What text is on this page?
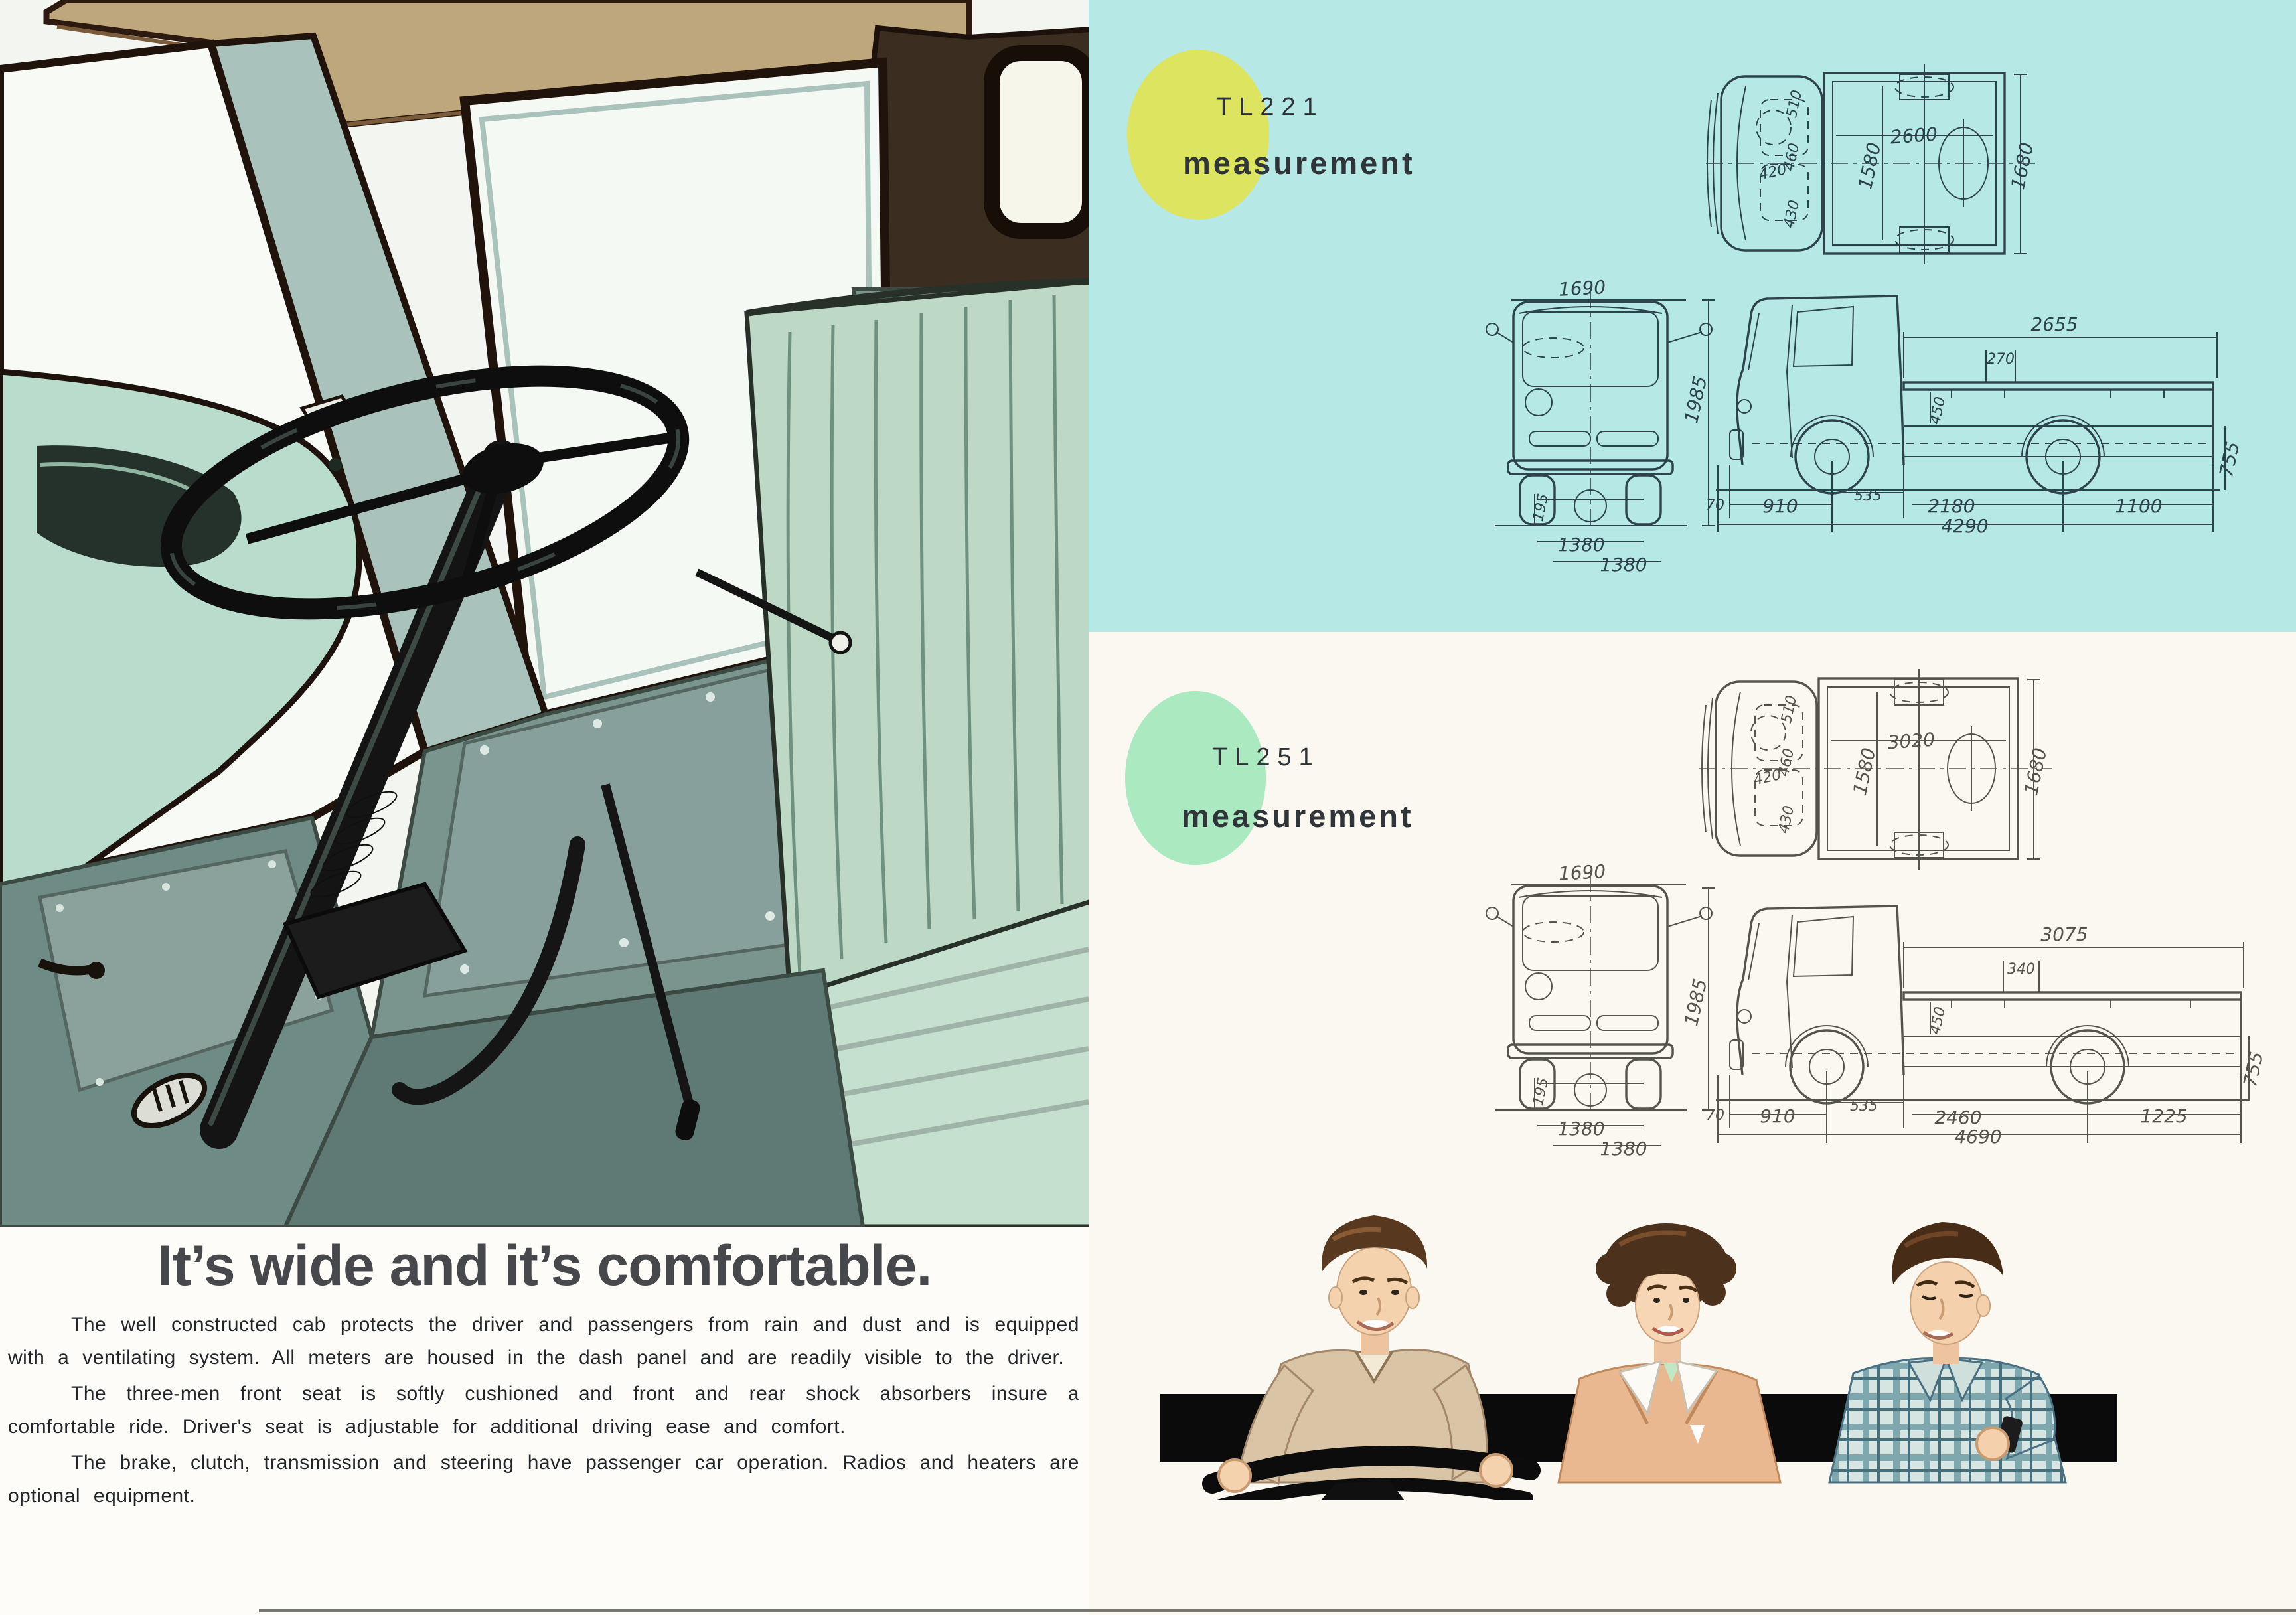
It’s wide and it’s comfortable.

The well constructed cab protects the driver and passengers from rain and dust and is equipped with a ventilating system. All meters are housed in the dash panel and are readily visible to the driver.

The three-men front seat is softly cushioned and front and rear shock absorbers insure a comfortable ride. Driver's seat is adjustable for additional driving ease and comfort.

The brake, clutch, transmission and steering have passenger car operation. Radios and heaters are optional equipment.

TL221
measurement
2600
1580	1680
510
460
420
430
1690
195
1380
1380
2655
270
450
755
1985
70 910	535 2180	1100
4290
TL251
measurement
3020
1580	1680
510
460
420
430
1690
195
1380
1380
3075
340
450
755
1985
70 910	535
2460	1225
4690
